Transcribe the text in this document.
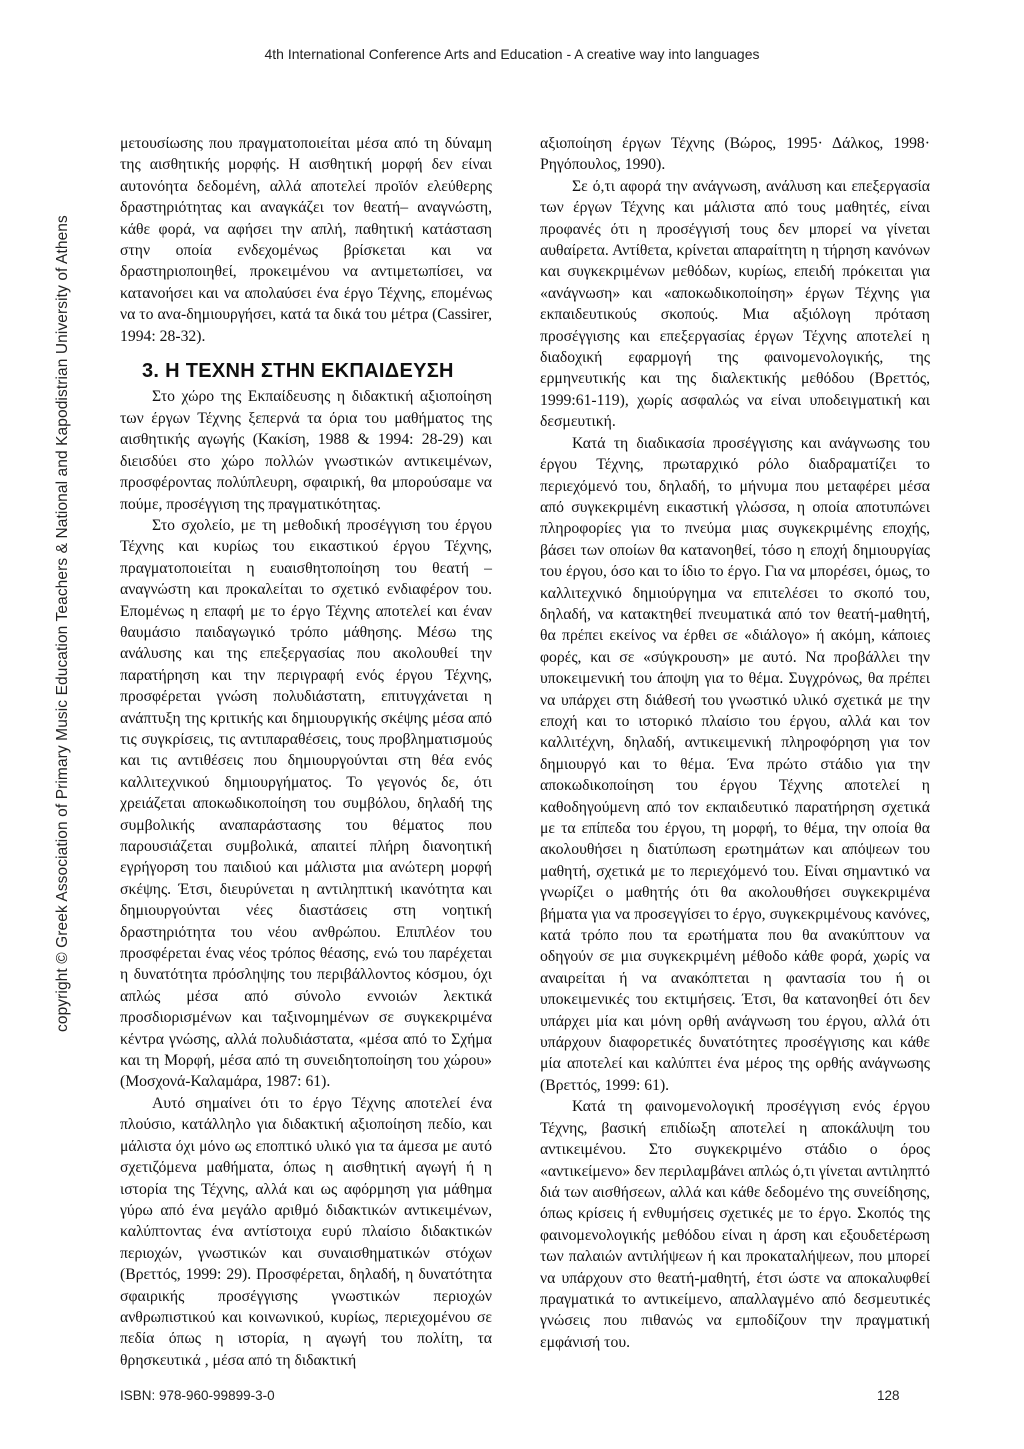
4th International Conference Arts and Education - A creative way into languages
copyright © Greek Association of Primary Music Education Teachers & National and Kapodistrian University of Athens

μετουσίωσης που πραγματοποιείται μέσα από τη δύναμη της αισθητικής μορφής. Η αισθητική μορφή δεν είναι αυτονόητα δεδομένη, αλλά αποτελεί προϊόν ελεύθερης δραστηριότητας και αναγκάζει τον θεατή– αναγνώστη, κάθε φορά, να αφήσει την απλή, παθητική κατάσταση στην οποία ενδεχομένως βρίσκεται και να δραστηριοποιηθεί, προκειμένου να αντιμετωπίσει, να κατανοήσει και να απολαύσει ένα έργο Τέχνης, επομένως να το ανα-δημιουργήσει, κατά τα δικά του μέτρα (Cassirer, 1994: 28-32).

3. Η ΤΕΧΝΗ ΣΤΗΝ ΕΚΠΑΙΔΕΥΣΗ

Στο χώρο της Εκπαίδευσης η διδακτική αξιοποίηση των έργων Τέχνης ξεπερνά τα όρια του μαθήματος της αισθητικής αγωγής (Κακίση, 1988 & 1994: 28-29) και διεισδύει στο χώρο πολλών γνωστικών αντικειμένων, προσφέροντας πολύπλευρη, σφαιρική, θα μπορούσαμε να πούμε, προσέγγιση της πραγματικότητας.

Στο σχολείο, με τη μεθοδική προσέγγιση του έργου Τέχνης και κυρίως του εικαστικού έργου Τέχνης, πραγματοποιείται η ευαισθητοποίηση του θεατή – αναγνώστη και προκαλείται το σχετικό ενδιαφέρον του. Επομένως η επαφή με το έργο Τέχνης αποτελεί και έναν θαυμάσιο παιδαγωγικό τρόπο μάθησης. Μέσω της ανάλυσης και της επεξεργασίας που ακολουθεί την παρατήρηση και την περιγραφή ενός έργου Τέχνης, προσφέρεται γνώση πολυδιάστατη, επιτυγχάνεται η ανάπτυξη της κριτικής και δημιουργικής σκέψης μέσα από τις συγκρίσεις, τις αντιπαραθέσεις, τους προβληματισμούς και τις αντιθέσεις που δημιουργούνται στη θέα ενός καλλιτεχνικού δημιουργήματος. Το γεγονός δε, ότι χρειάζεται αποκωδικοποίηση του συμβόλου, δηλαδή της συμβολικής αναπαράστασης του θέματος που παρουσιάζεται συμβολικά, απαιτεί πλήρη διανοητική εγρήγορση του παιδιού και μάλιστα μια ανώτερη μορφή σκέψης. Έτσι, διευρύνεται η αντιληπτική ικανότητα και δημιουργούνται νέες διαστάσεις στη νοητική δραστηριότητα του νέου ανθρώπου. Επιπλέον του προσφέρεται ένας νέος τρόπος θέασης, ενώ του παρέχεται η δυνατότητα πρόσληψης του περιβάλλοντος κόσμου, όχι απλώς μέσα από σύνολο εννοιών λεκτικά προσδιορισμένων και ταξινομημένων σε συγκεκριμένα κέντρα γνώσης, αλλά πολυδιάστατα, «μέσα από το Σχήμα και τη Μορφή, μέσα από τη συνειδητοποίηση του χώρου» (Μοσχονά-Καλαμάρα, 1987: 61).

Αυτό σημαίνει ότι το έργο Τέχνης αποτελεί ένα πλούσιο, κατάλληλο για διδακτική αξιοποίηση πεδίο, και μάλιστα όχι μόνο ως εποπτικό υλικό για τα άμεσα με αυτό σχετιζόμενα μαθήματα, όπως η αισθητική αγωγή ή η ιστορία της Τέχνης, αλλά και ως αφόρμηση για μάθημα γύρω από ένα μεγάλο αριθμό διδακτικών αντικειμένων, καλύπτοντας ένα αντίστοιχα ευρύ πλαίσιο διδακτικών περιοχών, γνωστικών και συναισθηματικών στόχων (Βρεττός, 1999: 29). Προσφέρεται, δηλαδή, η δυνατότητα σφαιρικής προσέγγισης γνωστικών περιοχών ανθρωπιστικού και κοινωνικού, κυρίως, περιεχομένου σε πεδία όπως η ιστορία, η αγωγή του πολίτη, τα θρησκευτικά , μέσα από τη διδακτική

αξιοποίηση έργων Τέχνης (Βώρος, 1995· Δάλκος, 1998· Ρηγόπουλος, 1990).

Σε ό,τι αφορά την ανάγνωση, ανάλυση και επεξεργασία των έργων Τέχνης και μάλιστα από τους μαθητές, είναι προφανές ότι η προσέγγισή τους δεν μπορεί να γίνεται αυθαίρετα. Αντίθετα, κρίνεται απαραίτητη η τήρηση κανόνων και συγκεκριμένων μεθόδων, κυρίως, επειδή πρόκειται για «ανάγνωση» και «αποκωδικοποίηση» έργων Τέχνης για εκπαιδευτικούς σκοπούς. Μια αξιόλογη πρόταση προσέγγισης και επεξεργασίας έργων Τέχνης αποτελεί η διαδοχική εφαρμογή της φαινομενολογικής, της ερμηνευτικής και της διαλεκτικής μεθόδου (Βρεττός, 1999:61-119), χωρίς ασφαλώς να είναι υποδειγματική και δεσμευτική.

Κατά τη διαδικασία προσέγγισης και ανάγνωσης του έργου Τέχνης, πρωταρχικό ρόλο διαδραματίζει το περιεχόμενό του, δηλαδή, το μήνυμα που μεταφέρει μέσα από συγκεκριμένη εικαστική γλώσσα, η οποία αποτυπώνει πληροφορίες για το πνεύμα μιας συγκεκριμένης εποχής, βάσει των οποίων θα κατανοηθεί, τόσο η εποχή δημιουργίας του έργου, όσο και το ίδιο το έργο. Για να μπορέσει, όμως, το καλλιτεχνικό δημιούργημα να επιτελέσει το σκοπό του, δηλαδή, να κατακτηθεί πνευματικά από τον θεατή-μαθητή, θα πρέπει εκείνος να έρθει σε «διάλογο» ή ακόμη, κάποιες φορές, και σε «σύγκρουση» με αυτό. Να προβάλλει την υποκειμενική του άποψη για το θέμα. Συγχρόνως, θα πρέπει να υπάρχει στη διάθεσή του γνωστικό υλικό σχετικά με την εποχή και το ιστορικό πλαίσιο του έργου, αλλά και τον καλλιτέχνη, δηλαδή, αντικειμενική πληροφόρηση για τον δημιουργό και το θέμα. Ένα πρώτο στάδιο για την αποκωδικοποίηση του έργου Τέχνης αποτελεί η καθοδηγούμενη από τον εκπαιδευτικό παρατήρηση σχετικά με τα επίπεδα του έργου, τη μορφή, το θέμα, την οποία θα ακολουθήσει η διατύπωση ερωτημάτων και απόψεων του μαθητή, σχετικά με το περιεχόμενό του. Είναι σημαντικό να γνωρίζει ο μαθητής ότι θα ακολουθήσει συγκεκριμένα βήματα για να προσεγγίσει το έργο, συγκεκριμένους κανόνες, κατά τρόπο που τα ερωτήματα που θα ανακύπτουν να οδηγούν σε μια συγκεκριμένη μέθοδο κάθε φορά, χωρίς να αναιρείται ή να ανακόπτεται η φαντασία του ή οι υποκειμενικές του εκτιμήσεις. Έτσι, θα κατανοηθεί ότι δεν υπάρχει μία και μόνη ορθή ανάγνωση του έργου, αλλά ότι υπάρχουν διαφορετικές δυνατότητες προσέγγισης και κάθε μία αποτελεί και καλύπτει ένα μέρος της ορθής ανάγνωσης (Βρεττός, 1999: 61).

Κατά τη φαινομενολογική προσέγγιση ενός έργου Τέχνης, βασική επιδίωξη αποτελεί η αποκάλυψη του αντικειμένου. Στο συγκεκριμένο στάδιο ο όρος «αντικείμενο» δεν περιλαμβάνει απλώς ό,τι γίνεται αντιληπτό διά των αισθήσεων, αλλά και κάθε δεδομένο της συνείδησης, όπως κρίσεις ή ενθυμήσεις σχετικές με το έργο. Σκοπός της φαινομενολογικής μεθόδου είναι η άρση και εξουδετέρωση των παλαιών αντιλήψεων ή και προκαταλήψεων, που μπορεί να υπάρχουν στο θεατή-μαθητή, έτσι ώστε να αποκαλυφθεί πραγματικά το αντικείμενο, απαλλαγμένο από δεσμευτικές γνώσεις που πιθανώς να εμποδίζουν την πραγματική εμφάνισή του.

ISBN: 978-960-99899-3-0	128
